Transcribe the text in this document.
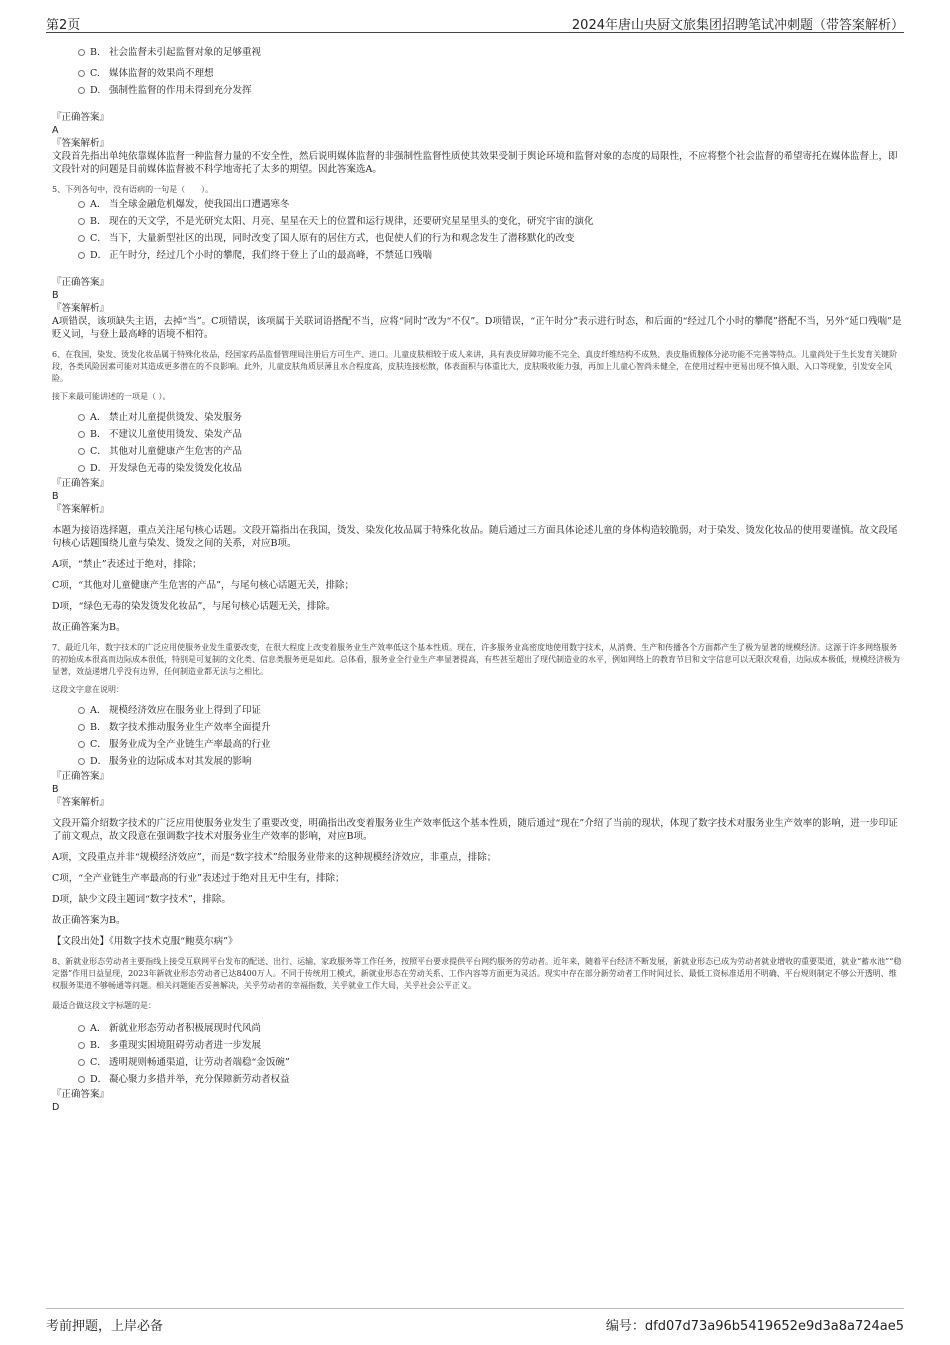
第2页	2024年唐山央厨文旅集团招聘笔试冲刺题（带答案解析）
B. 社会监督未引起监督对象的足够重视
C. 媒体监督的效果尚不理想
D. 强制性监督的作用未得到充分发挥
『正确答案』
A
『答案解析』
文段首先指出单纯依靠媒体监督一种监督力量的不安全性，然后说明媒体监督的非强制性监督性质使其效果受制于舆论环境和监督对象的态度的局限性，不应将整个社会监督的希望寄托在媒体监督上，即文段针对的问题是目前媒体监督被不科学地寄托了太多的期望。因此答案选A。
5、下列各句中，没有语病的一句是（　　）。
A． 当全球金融危机爆发，使我国出口遭遇寒冬
B． 现在的天文学，不是光研究太阳、月亮、星星在天上的位置和运行规律，还要研究星星里头的变化，研究宇宙的演化
C． 当下，大量新型社区的出现，同时改变了国人原有的居住方式，也促使人们的行为和观念发生了潜移默化的改变
D． 正午时分，经过几个小时的攀爬，我们终于登上了山的最高峰，不禁延口残喘
『正确答案』
B
『答案解析』
A项错误，该项缺失主语，去掉“当”。C项错误，该项属于关联词语搭配不当，应将“同时”改为“不仅”。D项错误，“正午时分”表示进行时态，和后面的“经过几个小时的攀爬”搭配不当，另外“延口残喘”是贬义词，与登上最高峰的语境不相符。
6、在我国，染发、烫发化妆品属于特殊化妆品，经国家药品监督管理局注册后方可生产、进口。儿童皮肤相较于成人来讲，具有表皮屏障功能不完全、真皮纤维结构不成熟、表皮脂质腺体分泌功能不完善等特点。儿童尚处于生长发育关键阶段，各类风险因素可能对其造成更多潜在的不良影响。此外，儿童皮肤角质层薄且水合程度高，皮肤连接松散，体表面积与体重比大，皮肤吸收能力强，再加上儿童心智尚未健全，在使用过程中更易出现不慎入眼、入口等现象，引发安全风险。
接下来最可能讲述的一项是（ ）。
A． 禁止对儿童提供烫发、染发服务
B． 不建议儿童使用烫发、染发产品
C． 其他对儿童健康产生危害的产品
D． 开发绿色无毒的染发烫发化妆品
『正确答案』
B
『答案解析』
本题为接语选择题，重点关注尾句核心话题。文段开篇指出在我国，烫发、染发化妆品属于特殊化妆品。随后通过三方面具体论述儿童的身体构造较脆弱，对于染发、烫发化妆品的使用要谨慎。故文段尾句核心话题围绕儿童与染发、烫发之间的关系，对应B项。
A项，“禁止”表述过于绝对，排除；
C项，“其他对儿童健康产生危害的产品”，与尾句核心话题无关，排除；
D项，“绿色无毒的染发烫发化妆品”，与尾句核心话题无关，排除。
故正确答案为B。
7、最近几年，数字技术的广泛应用使服务业发生重要改变，在很大程度上改变着服务业生产效率低这个基本性质。现在，许多服务业高密度地使用数字技术，从消费、生产和传播各个方面都产生了极为显著的规模经济。这源于许多网络服务的初始成本很高而边际成本很低，特别是可复制的文化类、信息类服务更是如此。总体看，服务业全行业生产率显著提高，有些甚至超出了现代制造业的水平，例如网络上的教育节目和文字信息可以无限次观看，边际成本极低，规模经济极为显著，效益递增几乎没有边界，任何制造业都无法与之相比。
这段文字意在说明：
A． 规模经济效应在服务业上得到了印证
B． 数字技术推动服务业生产效率全面提升
C． 服务业成为全产业链生产率最高的行业
D． 服务业的边际成本对其发展的影响
『正确答案』
B
『答案解析』
文段开篇介绍数字技术的广泛应用使服务业发生了重要改变，明确指出改变着服务业生产效率低这个基本性质，随后通过“现在”介绍了当前的现状，体现了数字技术对服务业生产效率的影响，进一步印证了前文观点，故文段意在强调数字技术对服务业生产效率的影响，对应B项。
A项，文段重点并非“规模经济效应”，而是“数字技术”给服务业带来的这种规模经济效应，非重点，排除；
C项，“全产业链生产率最高的行业”表述过于绝对且无中生有，排除；
D项，缺少文段主题词“数字技术”，排除。
故正确答案为B。
【文段出处】《用数字技术克服“鲍莫尔病”》
8、新就业形态劳动者主要指线上接受互联网平台发布的配送、出行、运输、家政服务等工作任务，按照平台要求提供平台网约服务的劳动者。近年来，随着平台经济不断发展，新就业形态已成为劳动者就业增收的重要渠道，就业“蓄水池”“稳定器”作用日益显现，2023年新就业形态劳动者已达8400万人。不同于传统用工模式，新就业形态在劳动关系、工作内容等方面更为灵活。现实中存在部分新劳动者工作时间过长、最低工资标准适用不明确、平台规则制定不够公开透明、维权服务渠道不够畅通等问题。相关问题能否妥善解决，关乎劳动者的幸福指数，关乎就业工作大局，关乎社会公平正义。
最适合做这段文字标题的是：
A． 新就业形态劳动者积极展现时代风尚
B． 多重现实困境阻碍劳动者进一步发展
C． 透明规则畅通渠道，让劳动者端稳“金饭碗”
D． 凝心聚力多措并举，充分保障新劳动者权益
『正确答案』
D
考前押题，上岸必备	编号：dfd07d73a96b5419652e9d3a8a724ae5
